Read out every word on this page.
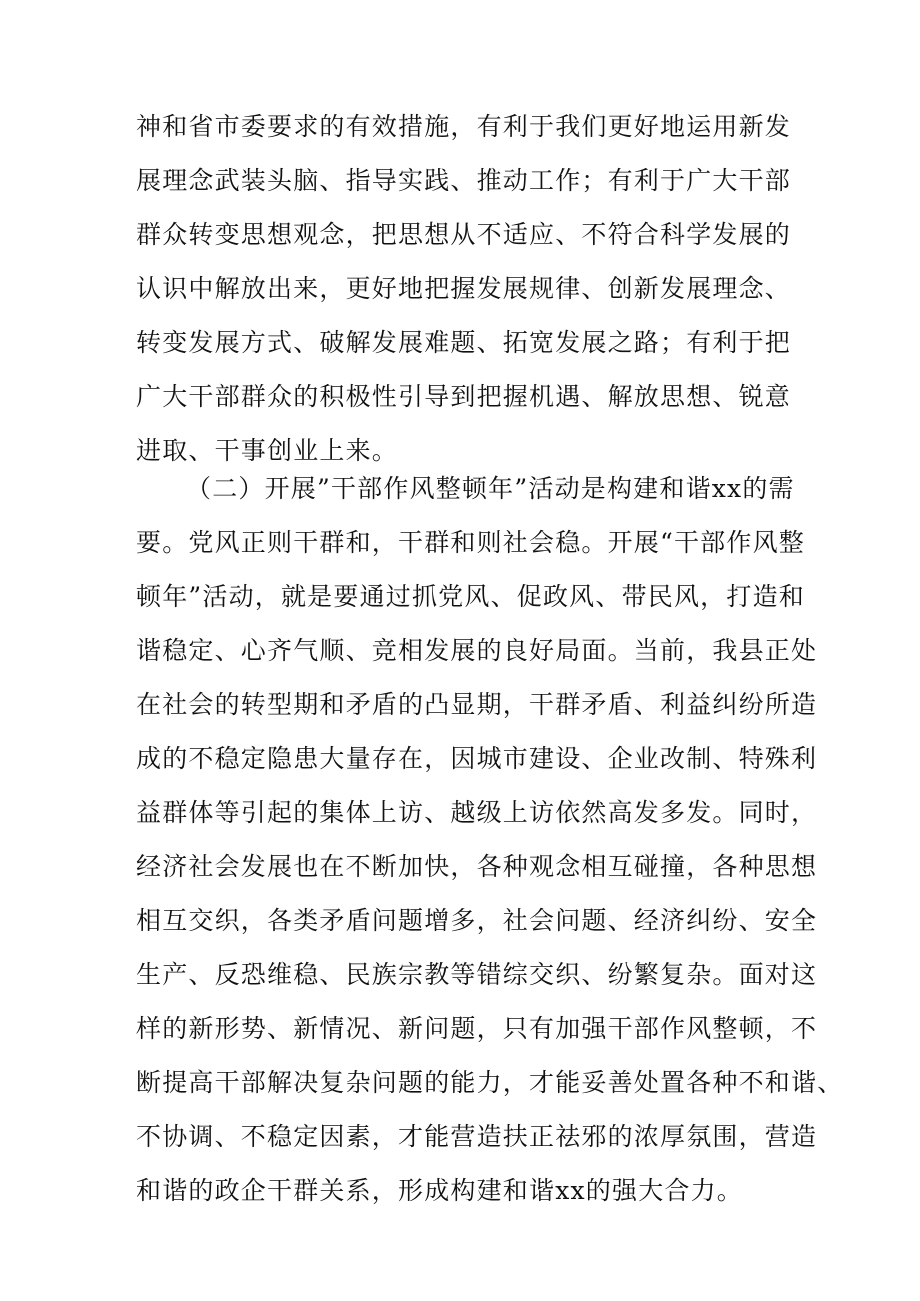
神和省市委要求的有效措施，有利于我们更好地运用新发
展理念武装头脑、指导实践、推动工作；有利于广大干部
群众转变思想观念，把思想从不适应、不符合科学发展的
认识中解放出来，更好地把握发展规律、创新发展理念、
转变发展方式、破解发展难题、拓宽发展之路；有利于把
广大干部群众的积极性引导到把握机遇、解放思想、锐意
进取、干事创业上来。
（二）开展”干部作风整顿年”活动是构建和谐xx的需
要。党风正则干群和，干群和则社会稳。开展“干部作风整
顿年”活动，就是要通过抓党风、促政风、带民风，打造和
谐稳定、心齐气顺、竞相发展的良好局面。当前，我县正处
在社会的转型期和矛盾的凸显期，干群矛盾、利益纠纷所造
成的不稳定隐患大量存在，因城市建设、企业改制、特殊利
益群体等引起的集体上访、越级上访依然高发多发。同时，
经济社会发展也在不断加快，各种观念相互碰撞，各种思想
相互交织，各类矛盾问题增多，社会问题、经济纠纷、安全
生产、反恐维稳、民族宗教等错综交织、纷繁复杂。面对这
样的新形势、新情况、新问题，只有加强干部作风整顿，不
断提高干部解决复杂问题的能力，才能妥善处置各种不和谐、
不协调、不稳定因素，才能营造扶正祛邪的浓厚氛围，营造
和谐的政企干群关系，形成构建和谐xx的强大合力。
